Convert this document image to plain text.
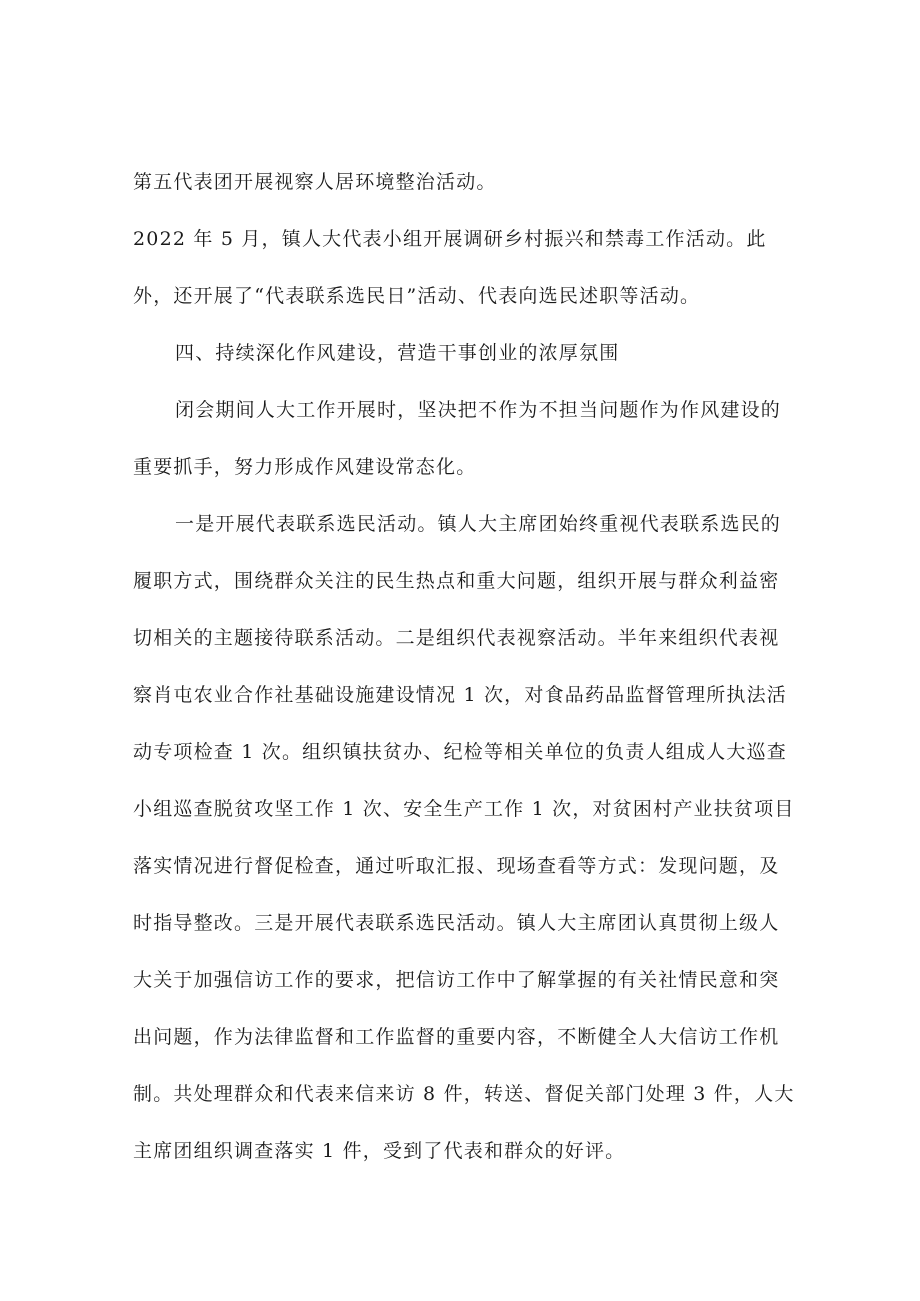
第五代表团开展视察人居环境整治活动。
2022 年 5 月，镇人大代表小组开展调研乡村振兴和禁毒工作活动。此
外，还开展了“代表联系选民日”活动、代表向选民述职等活动。
四、持续深化作风建设，营造干事创业的浓厚氛围
闭会期间人大工作开展时，坚决把不作为不担当问题作为作风建设的
重要抓手，努力形成作风建设常态化。
一是开展代表联系选民活动。镇人大主席团始终重视代表联系选民的
履职方式，围绕群众关注的民生热点和重大问题，组织开展与群众利益密
切相关的主题接待联系活动。二是组织代表视察活动。半年来组织代表视
察肖屯农业合作社基础设施建设情况 1 次，对食品药品监督管理所执法活
动专项检查 1 次。组织镇扶贫办、纪检等相关单位的负责人组成人大巡查
小组巡查脱贫攻坚工作 1 次、安全生产工作 1 次，对贫困村产业扶贫项目
落实情况进行督促检查，通过听取汇报、现场查看等方式：发现问题，及
时指导整改。三是开展代表联系选民活动。镇人大主席团认真贯彻上级人
大关于加强信访工作的要求，把信访工作中了解掌握的有关社情民意和突
出问题，作为法律监督和工作监督的重要内容，不断健全人大信访工作机
制。共处理群众和代表来信来访 8 件，转送、督促关部门处理 3 件，人大
主席团组织调查落实 1 件，受到了代表和群众的好评。
